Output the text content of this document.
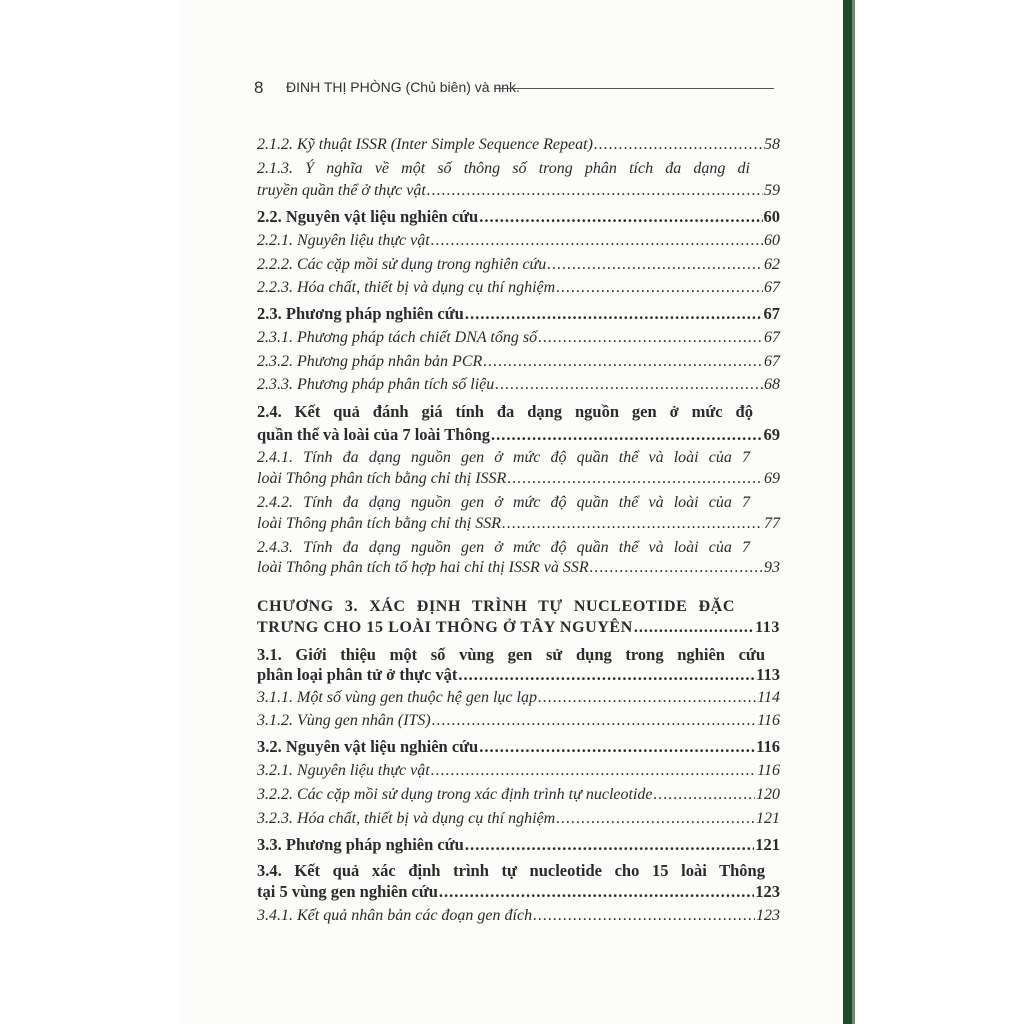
8 ĐINH THỊ PHÒNG (Chủ biên) và nnk.
2.1.2. Kỹ thuật ISSR (Inter Simple Sequence Repeat) .....	58
2.1.3. Ý nghĩa về một số thông số trong phân tích đa dạng di
truyền quần thể ở thực vật .....	59
2.2. Nguyên vật liệu nghiên cứu .....	60
2.2.1. Nguyên liệu thực vật .....	60
2.2.2. Các cặp mồi sử dụng trong nghiên cứu .....	62
2.2.3. Hóa chất, thiết bị và dụng cụ thí nghiệm .....	67
2.3. Phương pháp nghiên cứu .....	67
2.3.1. Phương pháp tách chiết DNA tổng số .....	67
2.3.2. Phương pháp nhân bản PCR .....	67
2.3.3. Phương pháp phân tích số liệu .....	68
2.4. Kết quả đánh giá tính đa dạng nguồn gen ở mức độ
quần thể và loài của 7 loài Thông .....	69
2.4.1. Tính đa dạng nguồn gen ở mức độ quần thể và loài của 7
loài Thông phân tích bằng chỉ thị ISSR .....	69
2.4.2. Tính đa dạng nguồn gen ở mức độ quần thể và loài của 7
loài Thông phân tích bằng chỉ thị SSR .....	77
2.4.3. Tính đa dạng nguồn gen ở mức độ quần thể và loài của 7
loài Thông phân tích tổ hợp hai chỉ thị ISSR và SSR .....	93
CHƯƠNG 3. XÁC ĐỊNH TRÌNH TỰ NUCLEOTIDE ĐẶC
TRƯNG CHO 15 LOÀI THÔNG Ở TÂY NGUYÊN .....	113
3.1. Giới thiệu một số vùng gen sử dụng trong nghiên cứu
phân loại phân tử ở thực vật .....	113
3.1.1. Một số vùng gen thuộc hệ gen lục lạp .....	114
3.1.2. Vùng gen nhân (ITS) .....	116
3.2. Nguyên vật liệu nghiên cứu .....	116
3.2.1. Nguyên liệu thực vật .....	116
3.2.2. Các cặp mồi sử dụng trong xác định trình tự nucleotide .....	120
3.2.3. Hóa chất, thiết bị và dụng cụ thí nghiệm .....	121
3.3. Phương pháp nghiên cứu .....	121
3.4. Kết quả xác định trình tự nucleotide cho 15 loài Thông
tại 5 vùng gen nghiên cứu .....	123
3.4.1. Kết quả nhân bản các đoạn gen đích .....	123
